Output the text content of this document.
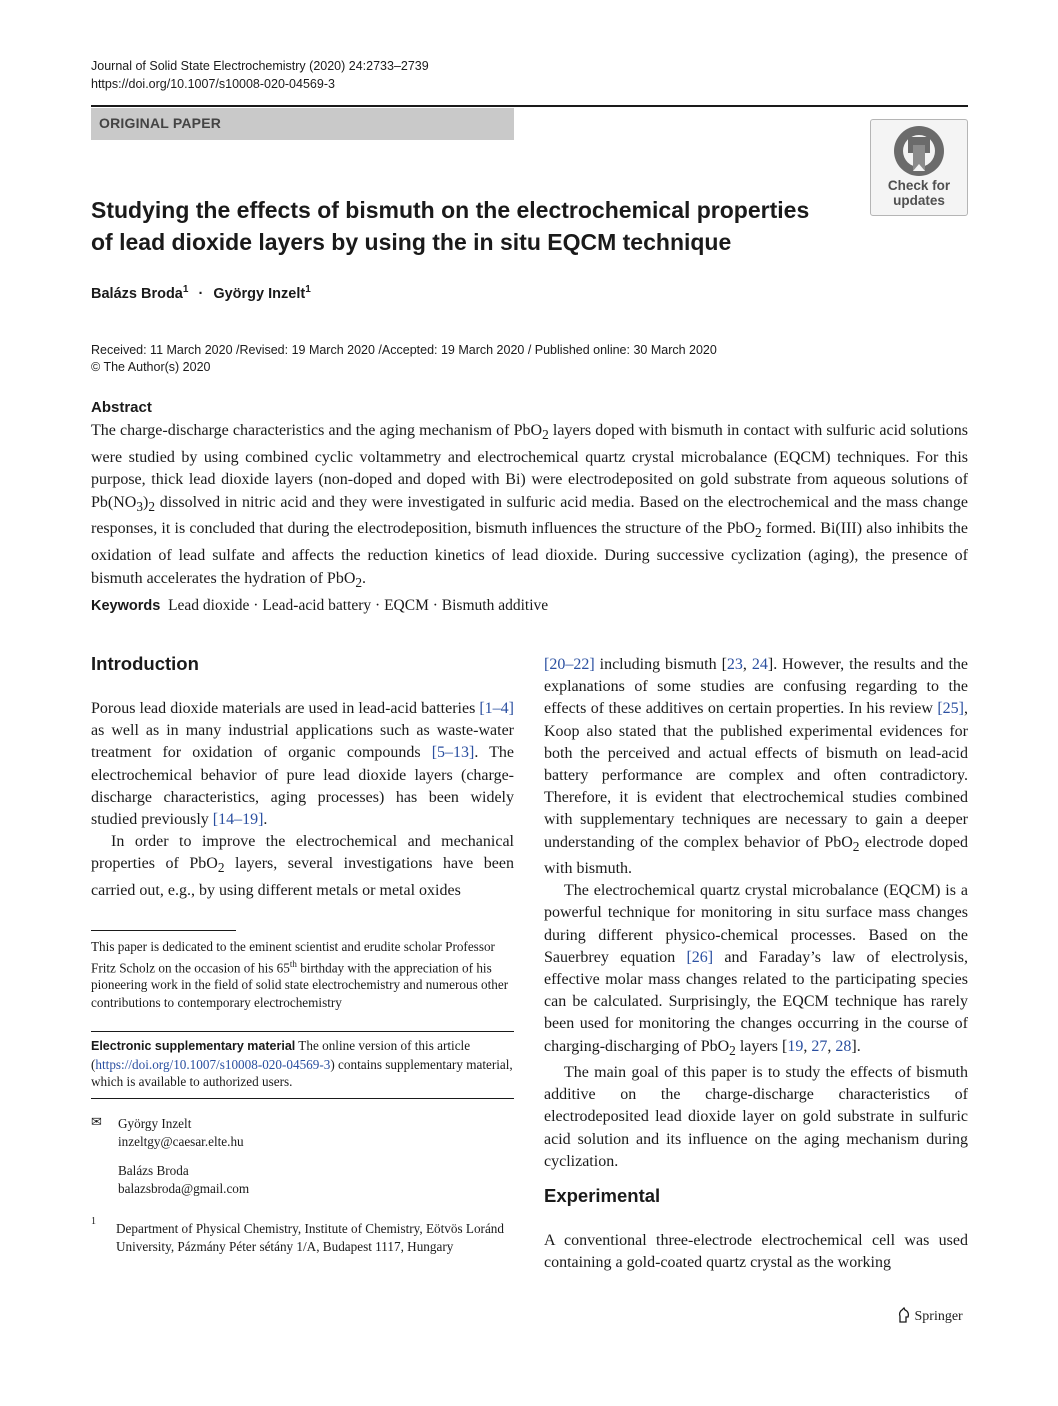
Journal of Solid State Electrochemistry (2020) 24:2733–2739
https://doi.org/10.1007/s10008-020-04569-3
ORIGINAL PAPER
Check for
updates
Studying the effects of bismuth on the electrochemical properties
of lead dioxide layers by using the in situ EQCM technique
Balázs Broda$^1$ · György Inzelt$^1$
Received: 11 March 2020 /Revised: 19 March 2020 /Accepted: 19 March 2020 / Published online: 30 March 2020
© The Author(s) 2020
Abstract
The charge-discharge characteristics and the aging mechanism of PbO$_2$ layers doped with bismuth in contact with sulfuric acid solutions were studied by using combined cyclic voltammetry and electrochemical quartz crystal microbalance (EQCM) techniques. For this purpose, thick lead dioxide layers (non-doped and doped with Bi) were electrodeposited on gold substrate from aqueous solutions of $Pb(NO_3)_2$ dissolved in nitric acid and they were investigated in sulfuric acid media. Based on the electrochemical and the mass change responses, it is concluded that during the electrodeposition, bismuth influences the structure of the PbO$_2$ formed. Bi(III) also inhibits the oxidation of lead sulfate and affects the reduction kinetics of lead dioxide. During successive cyclization (aging), the presence of bismuth accelerates the hydration of PbO$_2$.
Keywords Lead dioxide · Lead-acid battery · EQCM · Bismuth additive
Introduction

Porous lead dioxide materials are used in lead-acid batteries [1–4] as well as in many industrial applications such as waste-water treatment for oxidation of organic compounds [5–13]. The electrochemical behavior of pure lead dioxide layers (charge-discharge characteristics, aging processes) has been widely studied previously [14–19].

In order to improve the electrochemical and mechanical properties of PbO$_2$ layers, several investigations have been carried out, e.g., by using different metals or metal oxides

[20–22] including bismuth [23, 24]. However, the results and the explanations of some studies are confusing regarding to the effects of these additives on certain properties. In his review [25], Koop also stated that the published experimental evidences for both the perceived and actual effects of bismuth on lead-acid battery performance are complex and often contradictory. Therefore, it is evident that electrochemical studies combined with supplementary techniques are necessary to gain a deeper understanding of the complex behavior of PbO$_2$ electrode doped with bismuth.

The electrochemical quartz crystal microbalance (EQCM) is a powerful technique for monitoring in situ surface mass changes during different physico-chemical processes. Based on the Sauerbrey equation [26] and Faraday’s law of electrolysis, effective molar mass changes related to the participating species can be calculated. Surprisingly, the EQCM technique has rarely been used for monitoring the changes occurring in the course of charging-discharging of PbO$_2$ layers [19, 27, 28].

The main goal of this paper is to study the effects of bismuth additive on the charge-discharge characteristics of electrodeposited lead dioxide layer on gold substrate in sulfuric acid solution and its influence on the aging mechanism during cyclization.

Experimental

A conventional three-electrode electrochemical cell was used containing a gold-coated quartz crystal as the working

This paper is dedicated to the eminent scientist and erudite scholar Professor Fritz Scholz on the occasion of his 65th birthday with the appreciation of his pioneering work in the field of solid state electrochemistry and numerous other contributions to contemporary electrochemistry
Electronic supplementary material The online version of this article (https://doi.org/10.1007/s10008-020-04569-3) contains supplementary material, which is available to authorized users.
✉ György Inzelt
inzeltgy@caesar.elte.hu
Balázs Broda
balazsbroda@gmail.com
1 Department of Physical Chemistry, Institute of Chemistry, Eötvös Loránd University, Pázmány Péter sétány 1/A, Budapest 1117, Hungary
Springer
